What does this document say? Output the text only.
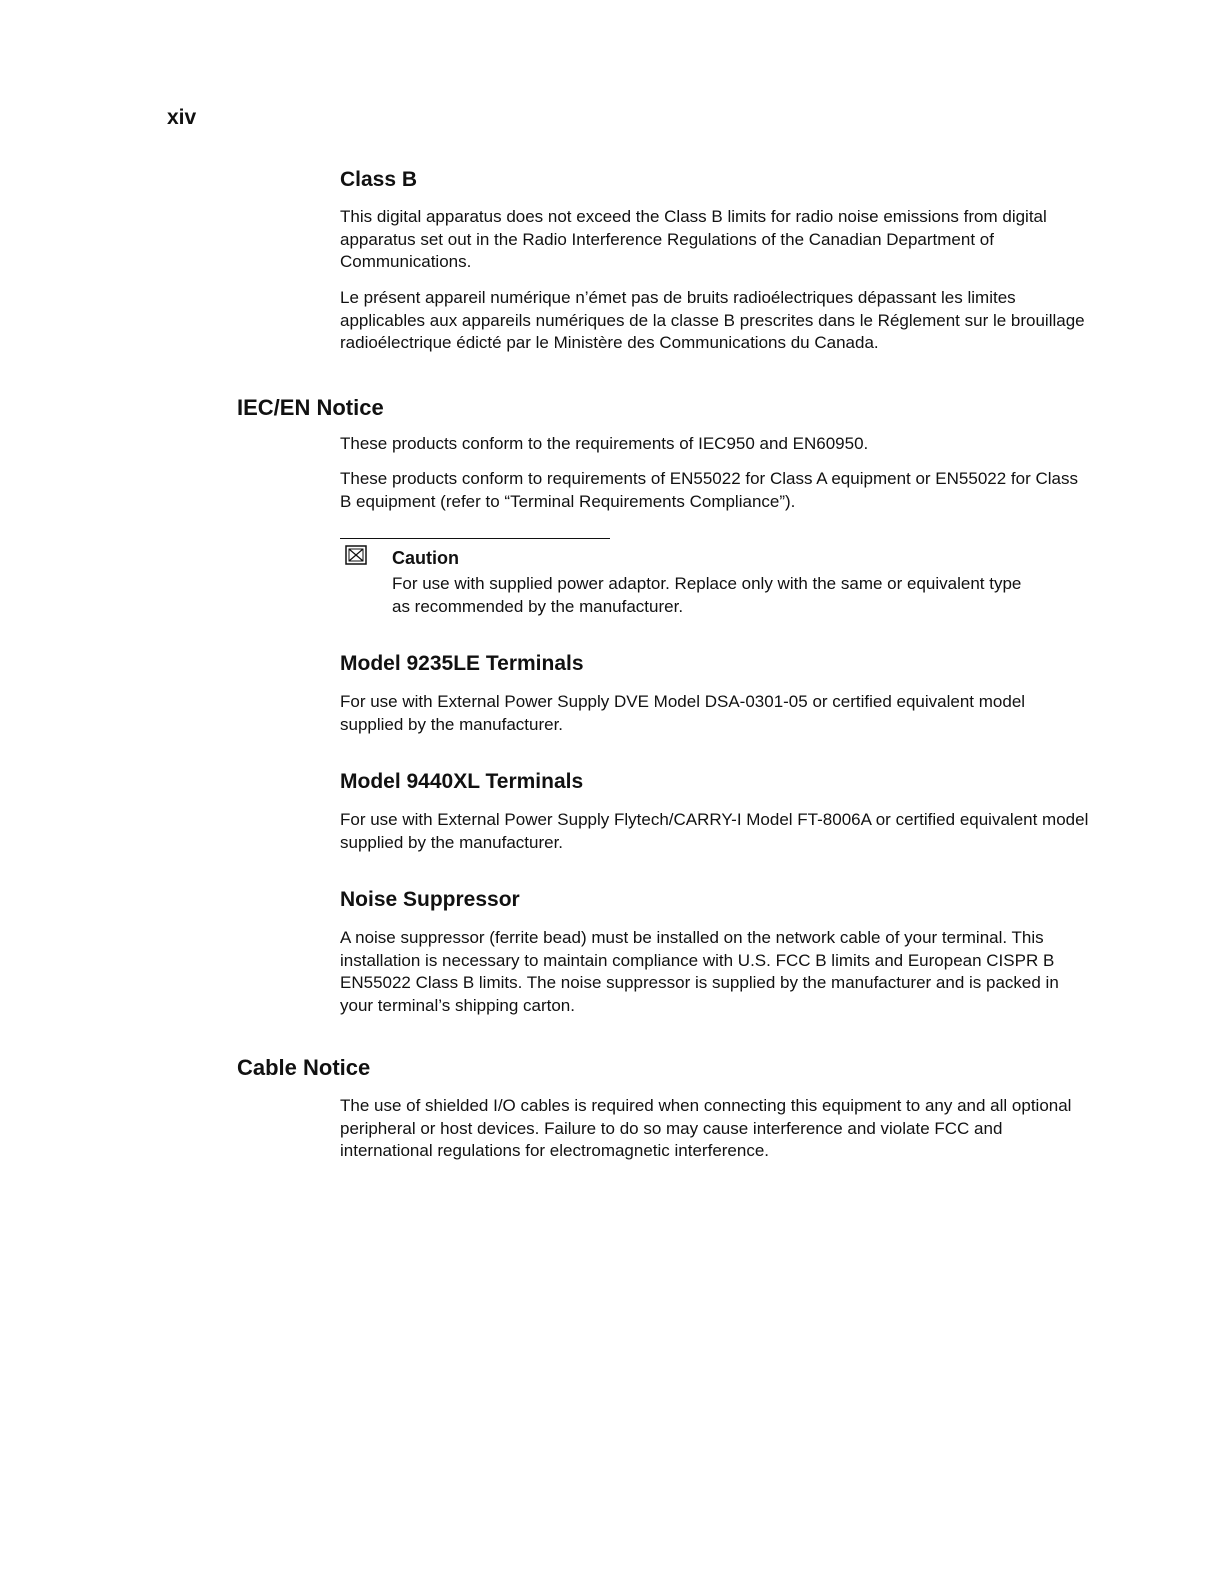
xiv
Class B

This digital apparatus does not exceed the Class B limits for radio noise emissions from digital apparatus set out in the Radio Interference Regulations of the Canadian Department of Communications.

Le présent appareil numérique n’émet pas de bruits radioélectriques dépassant les limites applicables aux appareils numériques de la classe B prescrites dans le Réglement sur le brouillage radioélectrique édicté par le Ministère des Communications du Canada.

IEC/EN Notice

These products conform to the requirements of IEC950 and EN60950.

These products conform to requirements of EN55022 for Class A equipment or EN55022 for Class B equipment (refer to “Terminal Requirements Compliance”).

Caution

For use with supplied power adaptor. Replace only with the same or equivalent type as recommended by the manufacturer.

Model 9235LE Terminals

For use with External Power Supply DVE Model DSA-0301-05 or certified equivalent model supplied by the manufacturer.

Model 9440XL Terminals

For use with External Power Supply Flytech/CARRY-I Model FT-8006A or certified equivalent model supplied by the manufacturer.

Noise Suppressor

A noise suppressor (ferrite bead) must be installed on the network cable of your terminal. This installation is necessary to maintain compliance with U.S. FCC B limits and European CISPR B EN55022 Class B limits. The noise suppressor is supplied by the manufacturer and is packed in your terminal’s shipping carton.

Cable Notice

The use of shielded I/O cables is required when connecting this equipment to any and all optional peripheral or host devices. Failure to do so may cause interference and violate FCC and international regulations for electromagnetic interference.
